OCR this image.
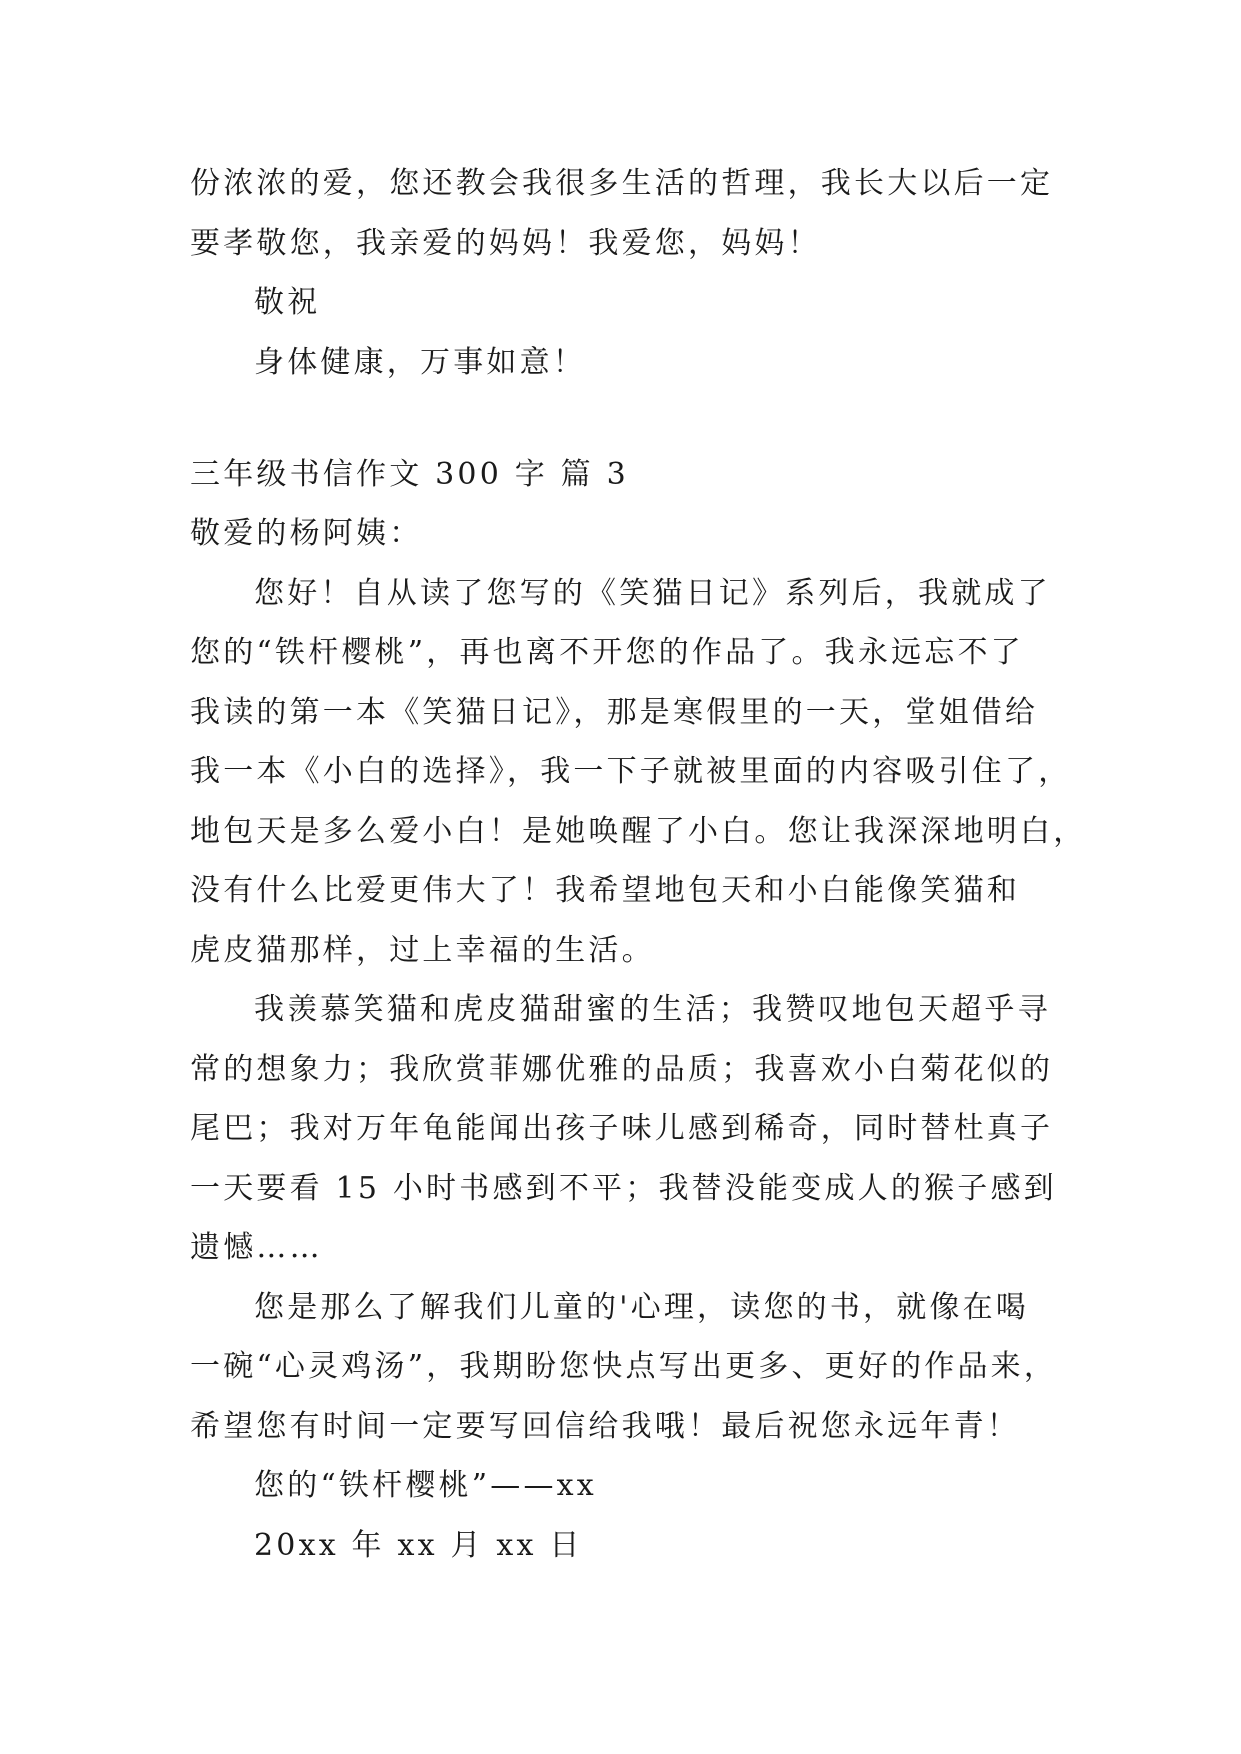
份浓浓的爱，您还教会我很多生活的哲理，我长大以后一定
要孝敬您，我亲爱的妈妈！我爱您，妈妈！
敬祝
身体健康，万事如意！
三年级书信作文 300 字 篇 3
敬爱的杨阿姨：
您好！自从读了您写的《笑猫日记》系列后，我就成了
您的“铁杆樱桃”，再也离不开您的作品了。我永远忘不了
我读的第一本《笑猫日记》，那是寒假里的一天，堂姐借给
我一本《小白的选择》，我一下子就被里面的内容吸引住了，
地包天是多么爱小白！是她唤醒了小白。您让我深深地明白，
没有什么比爱更伟大了！我希望地包天和小白能像笑猫和
虎皮猫那样，过上幸福的生活。
我羡慕笑猫和虎皮猫甜蜜的生活；我赞叹地包天超乎寻
常的想象力；我欣赏菲娜优雅的品质；我喜欢小白菊花似的
尾巴；我对万年龟能闻出孩子味儿感到稀奇，同时替杜真子
一天要看 15 小时书感到不平；我替没能变成人的猴子感到
遗憾……
您是那么了解我们儿童的'心理，读您的书，就像在喝
一碗“心灵鸡汤”，我期盼您快点写出更多、更好的作品来，
希望您有时间一定要写回信给我哦！最后祝您永远年青！
您的“铁杆樱桃”——xx
20xx 年 xx 月 xx 日
